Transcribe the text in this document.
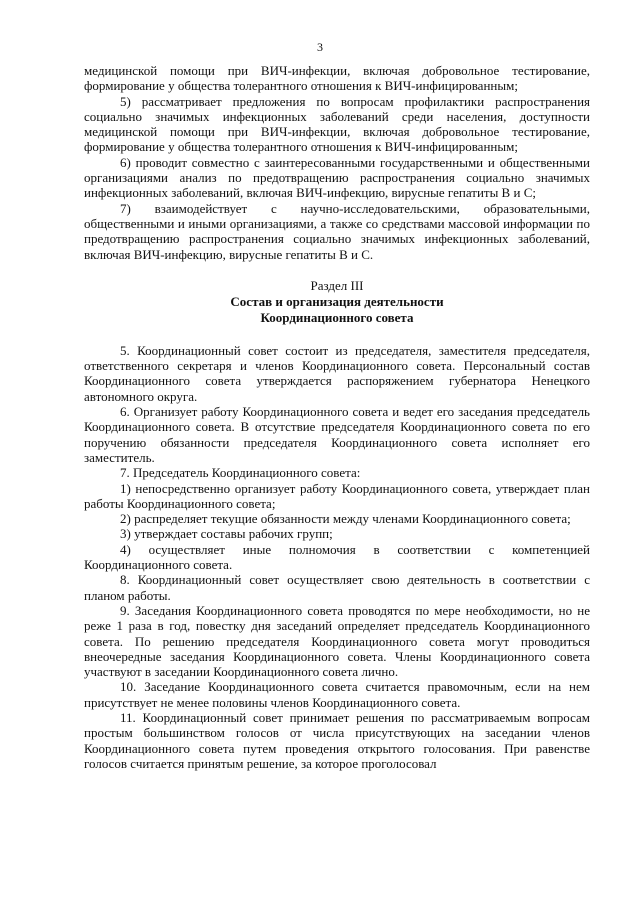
3

медицинской помощи при ВИЧ-инфекции, включая добровольное тестирование, формирование у общества толерантного отношения к ВИЧ-инфицированным;

5) рассматривает предложения по вопросам профилактики распространения социально значимых инфекционных заболеваний среди населения, доступности медицинской помощи при ВИЧ-инфекции, включая добровольное тестирование, формирование у общества толерантного отношения к ВИЧ-инфицированным;

6) проводит совместно с заинтересованными государственными и общественными организациями анализ по предотвращению распространения социально значимых инфекционных заболеваний, включая ВИЧ-инфекцию, вирусные гепатиты В и С;

7) взаимодействует с научно-исследовательскими, образовательными, общественными и иными организациями, а также со средствами массовой информации по предотвращению распространения социально значимых инфекционных заболеваний, включая ВИЧ-инфекцию, вирусные гепатиты В и С.

Раздел III
Состав и организация деятельности
Координационного совета

5. Координационный совет состоит из председателя, заместителя председателя, ответственного секретаря и членов Координационного совета. Персональный состав Координационного совета утверждается распоряжением губернатора Ненецкого автономного округа.

6. Организует работу Координационного совета и ведет его заседания председатель Координационного совета. В отсутствие председателя Координационного совета по его поручению обязанности председателя Координационного совета исполняет его заместитель.

7. Председатель Координационного совета:

1) непосредственно организует работу Координационного совета, утверждает план работы Координационного совета;

2) распределяет текущие обязанности между членами Координационного совета;

3) утверждает составы рабочих групп;

4) осуществляет иные полномочия в соответствии с компетенцией Координационного совета.

8. Координационный совет осуществляет свою деятельность в соответствии с планом работы.

9. Заседания Координационного совета проводятся по мере необходимости, но не реже 1 раза в год, повестку дня заседаний определяет председатель Координационного совета. По решению председателя Координационного совета могут проводиться внеочередные заседания Координационного совета. Члены Координационного совета участвуют в заседании Координационного совета лично.

10. Заседание Координационного совета считается правомочным, если на нем присутствует не менее половины членов Координационного совета.

11. Координационный совет принимает решения по рассматриваемым вопросам простым большинством голосов от числа присутствующих на заседании членов Координационного совета путем проведения открытого голосования. При равенстве голосов считается принятым решение, за которое проголосовал
